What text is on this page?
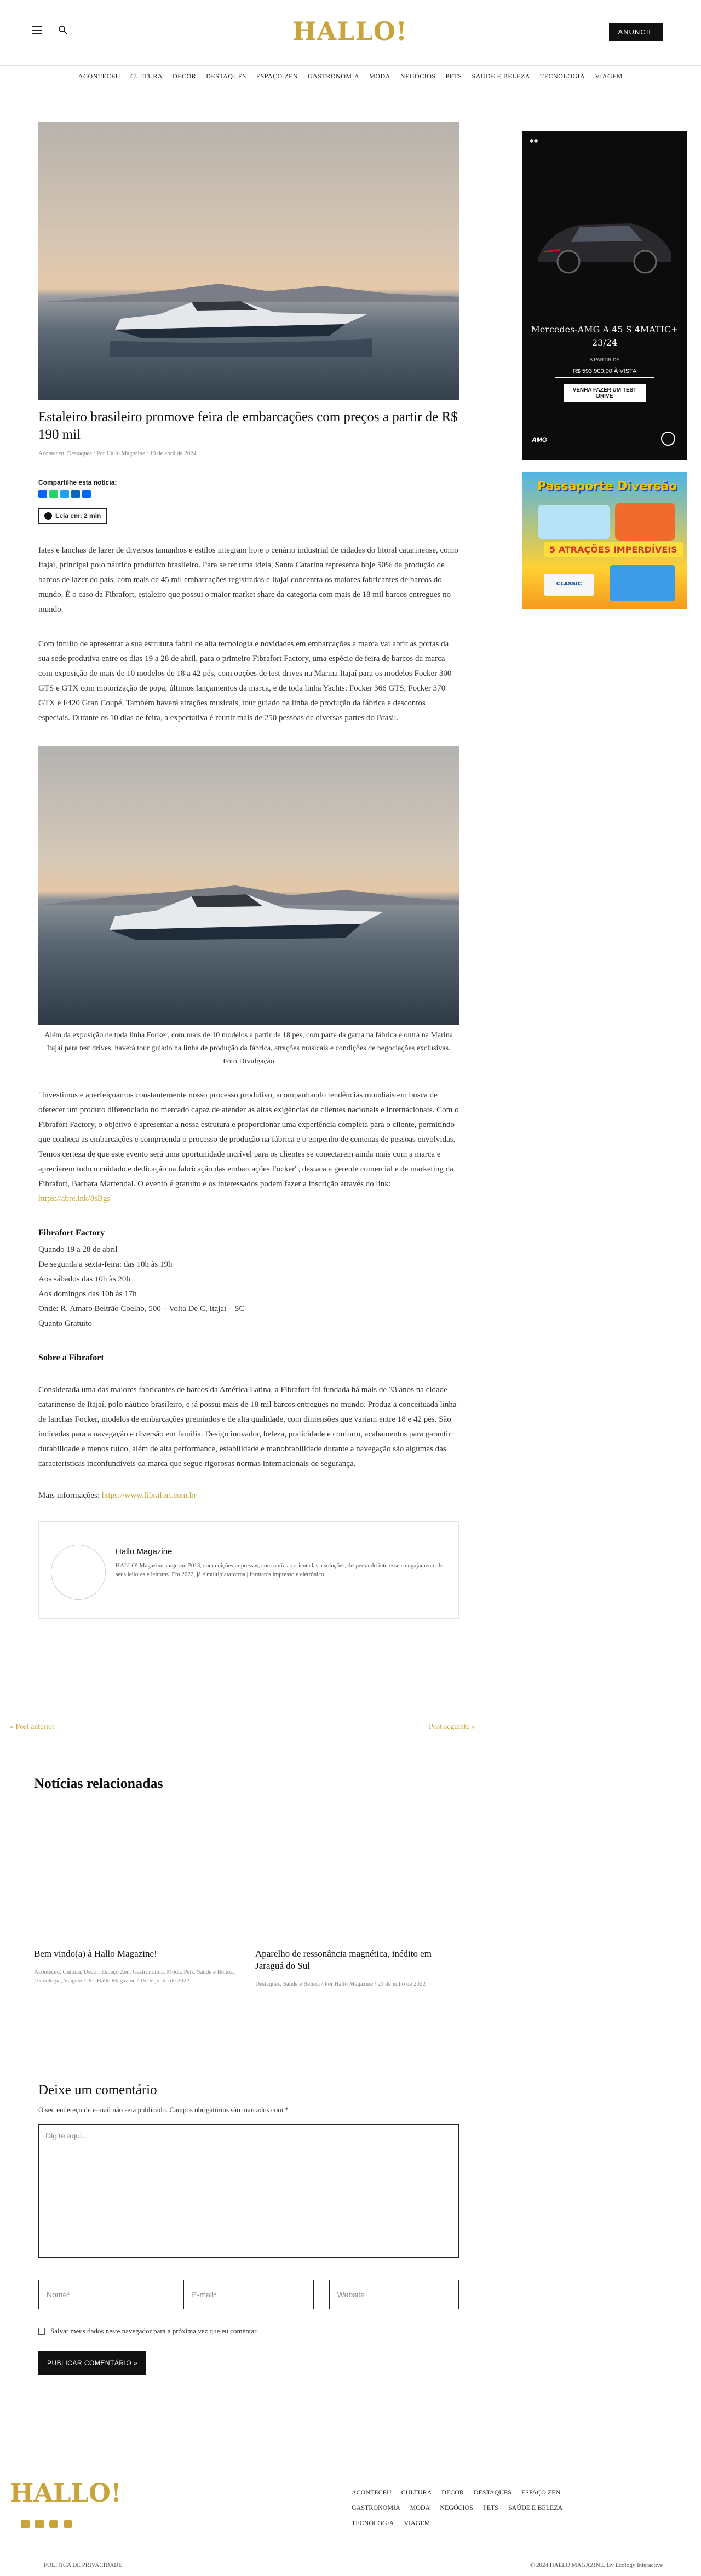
HALLO!	ANUNCIE
ACONTECEU CULTURA DECOR DESTAQUES ESPAÇO ZEN GASTRONOMIA MODA NEGÓCIOS PETS SAÚDE E BELEZA TECNOLOGIA VIAGEM
Estaleiro brasileiro promove feira de embarcações com preços a partir de R$ 190 mil
Aconteceu, Destaques / Por Hallo Magazine / 19 de abril de 2024
Compartilhe esta notícia:
Leia em: 2 min

Iates e lanchas de lazer de diversos tamanhos e estilos integram hoje o cenário industrial de cidades do litoral catarinense, como Itajaí, principal polo náutico produtivo brasileiro. Para se ter uma ideia, Santa Catarina representa hoje 50% da produção de barcos de lazer do país, com mais de 45 mil embarcações registradas e Itajaí concentra os maiores fabricantes de barcos do mundo. É o caso da Fibrafort, estaleiro que possui o maior market share da categoria com mais de 18 mil barcos entregues no mundo.

Com intuito de apresentar a sua estrutura fabril de alta tecnologia e novidades em embarcações a marca vai abrir as portas da sua sede produtiva entre os dias 19 a 28 de abril, para o primeiro Fibrafort Factory, uma espécie de feira de barcos da marca com exposição de mais de 10 modelos de 18 a 42 pés, com opções de test drives na Marina Itajaí para os modelos Focker 300 GTS e GTX com motorização de popa, últimos lançamentos da marca, e de toda linha Yachts: Focker 366 GTS, Focker 370 GTX e F420 Gran Coupé. Também haverá atrações musicais, tour guiado na linha de produção da fábrica e descontos especiais. Durante os 10 dias de feira, a expectativa é reunir mais de 250 pessoas de diversas partes do Brasil.

Além da exposição de toda linha Focker, com mais de 10 modelos a partir de 18 pés, com parte da gama na fábrica e outra na Marina Itajaí para test drives, haverá tour guiado na linha de produção da fábrica, atrações musicais e condições de negociações exclusivas. Foto Divulgação

"Investimos e aperfeiçoamos constantemente nosso processo produtivo, acompanhando tendências mundiais em busca de oferecer um produto diferenciado no mercado capaz de atender as altas exigências de clientes nacionais e internacionais. Com o Fibrafort Factory, o objetivo é apresentar a nossa estrutura e proporcionar uma experiência completa para o cliente, permitindo que conheça as embarcações e compreenda o processo de produção na fábrica e o empenho de centenas de pessoas envolvidas. Temos certeza de que este evento será uma oportunidade incrível para os clientes se conectarem ainda mais com a marca e apreciarem todo o cuidado e dedicação na fabricação das embarcações Focker", destaca a gerente comercial e de marketing da Fibrafort, Barbara Martendal. O evento é gratuito e os interessados podem fazer a inscrição através do link: https://abre.ink/8sBgs

Fibrafort Factory
Quando 19 a 28 de abril
De segunda a sexta-feira: das 10h às 19h
Aos sábados das 10h às 20h
Aos domingos das 10h às 17h
Onde: R. Amaro Beltrão Coelho, 500 – Volta De C, Itajaí – SC
Quanto Gratuito
Sobre a Fibrafort

Considerada uma das maiores fabricantes de barcos da América Latina, a Fibrafort foi fundada há mais de 33 anos na cidade catarinense de Itajaí, polo náutico brasileiro, e já possui mais de 18 mil barcos entregues no mundo. Produz a conceituada linha de lanchas Focker, modelos de embarcações premiados e de alta qualidade, com dimensões que variam entre 18 e 42 pés. São indicadas para a navegação e diversão em família. Design inovador, beleza, praticidade e conforto, acabamentos para garantir durabilidade e menos ruído, além de alta performance, estabilidade e manobrabilidade durante a navegação são algumas das características inconfundíveis da marca que segue rigorosas normas internacionais de segurança.

Mais informações: https://www.fibrafort.com.br
Hallo Magazine
HALLO! Magazine surge em 2013, com edições impressas, com notícias orientadas a soluções, despertando interesse e engajamento de seus leitores e leitoras. Em 2022, já é multiplataforma | formatos impresso e eletrônico.
◆◆
Mercedes-AMG A 45 S 4MATIC+ 23/24
A PARTIR DE
R$ 593.900,00 À VISTA
VENHA FAZER UM TEST DRIVE
AMG
Passaporte Diversão
5 ATRAÇÕES IMPERDÍVEIS
CLASSIC
« Post anterior	Post seguinte »
Notícias relacionadas
Bem vindo(a) à Hallo Magazine!
Aconteceu, Cultura, Decor, Espaço Zen, Gastronomia, Moda, Pets, Saúde e Beleza, Tecnologia, Viagem / Por Hallo Magazine / 15 de junho de 2022
Aparelho de ressonância magnética, inédito em Jaraguá do Sul
Destaques, Saúde e Beleza / Por Hallo Magazine / 21 de julho de 2022
Deixe um comentário
O seu endereço de e-mail não será publicado. Campos obrigatórios são marcados com *
Digite aqui...
Nome*	E-mail*	Website
Salvar meus dados neste navegador para a próxima vez que eu comentar.
PUBLICAR COMENTÁRIO »
HALLO!	ACONTECEU CULTURA DECOR DESTAQUES ESPAÇO ZENGASTRONOMIA MODA NEGÓCIOS PETS SAÚDE E BELEZATECNOLOGIA VIAGEM
POLÍTICA DE PRIVACIDADE	© 2024 HALLO MAGAZINE. By Ecology Interactive
